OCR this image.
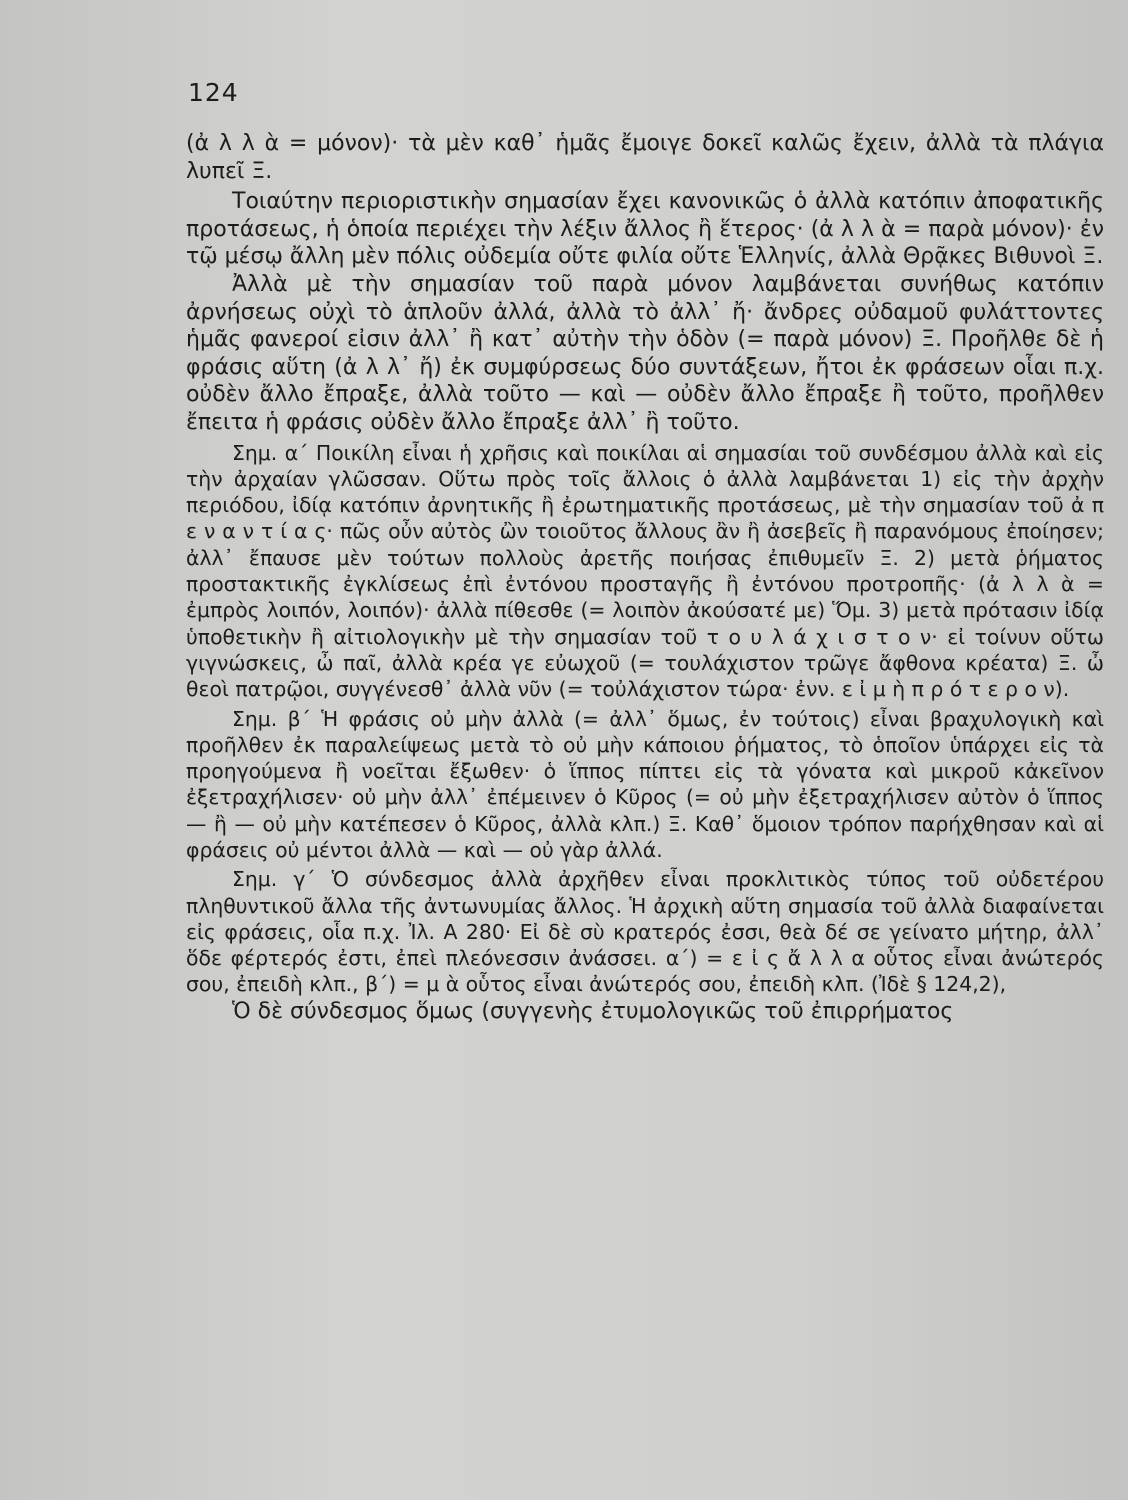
124

(ἀ λ λ ὰ = μόνον)· τὰ μὲν καθ᾽ ἡμᾶς ἔμοιγε δοκεῖ καλῶς ἔχειν, ἀλλὰ τὰ πλάγια λυπεῖ Ξ.

Τοιαύτην περιοριστικὴν σημασίαν ἔχει κανονικῶς ὁ ἀλλὰ κατόπιν ἀποφατικῆς προτάσεως, ἡ ὁποία περιέχει τὴν λέξιν ἄλλος ἢ ἕτερος· (ἀ λ λ ὰ = παρὰ μόνον)· ἐν τῷ μέσῳ ἄλλη μὲν πόλις οὐδεμία οὔτε φιλία οὔτε Ἑλληνίς, ἀλλὰ Θρᾷκες Βιθυνοὶ Ξ.

Ἀλλὰ μὲ τὴν σημασίαν τοῦ παρὰ μόνον λαμβάνεται συνήθως κατόπιν ἀρνήσεως οὐχὶ τὸ ἁπλοῦν ἀλλά, ἀλλὰ τὸ ἀλλ᾽ ἤ· ἄνδρες οὐδαμοῦ φυλάττοντες ἡμᾶς φανεροί εἰσιν ἀλλ᾽ ἢ κατ᾽ αὐτὴν τὴν ὁδὸν (= παρὰ μόνον) Ξ. Προῆλθε δὲ ἡ φράσις αὕτη (ἀ λ λ᾽ ἤ) ἐκ συμφύρσεως δύο συντάξεων, ἤτοι ἐκ φράσεων οἷαι π.χ. οὐδὲν ἄλλο ἔπραξε, ἀλλὰ τοῦτο — καὶ — οὐδὲν ἄλλο ἔπραξε ἢ τοῦτο, προῆλθεν ἔπειτα ἡ φράσις οὐδὲν ἄλλο ἔπραξε ἀλλ᾽ ἢ τοῦτο.

Σημ. α΄ Ποικίλη εἶναι ἡ χρῆσις καὶ ποικίλαι αἱ σημασίαι τοῦ συνδέσμου ἀλλὰ καὶ εἰς τὴν ἀρχαίαν γλῶσσαν. Οὕτω πρὸς τοῖς ἄλλοις ὁ ἀλλὰ λαμβάνεται 1) εἰς τὴν ἀρχὴν περιόδου, ἰδίᾳ κατόπιν ἀρνητικῆς ἢ ἐρωτηματικῆς προτάσεως, μὲ τὴν σημασίαν τοῦ ἀ π ε ν α ν τ ί α ς· πῶς οὖν αὐτὸς ὢν τοιοῦτος ἄλλους ἂν ἢ ἀσεβεῖς ἢ παρανόμους ἐποίησεν; ἀλλ᾽ ἔπαυσε μὲν τούτων πολλοὺς ἀρετῆς ποιήσας ἐπιθυμεῖν Ξ. 2) μετὰ ῥήματος προστακτικῆς ἐγκλίσεως ἐπὶ ἐντόνου προσταγῆς ἢ ἐντόνου προτροπῆς· (ἀ λ λ ὰ = ἐμπρὸς λοιπόν, λοιπόν)· ἀλλὰ πίθεσθε (= λοιπὸν ἀκούσατέ με) Ὅμ. 3) μετὰ πρότασιν ἰδίᾳ ὑποθετικὴν ἢ αἰτιολογικὴν μὲ τὴν σημασίαν τοῦ τ ο υ λ ά χ ι σ τ ο ν· εἰ τοίνυν οὕτω γιγνώσκεις, ὦ παῖ, ἀλλὰ κρέα γε εὐωχοῦ (= τουλάχιστον τρῶγε ἄφθονα κρέατα) Ξ. ὦ θεοὶ πατρῷοι, συγγένεσθ᾽ ἀλλὰ νῦν (= τοὐλάχιστον τώρα· ἐνν. ε ἰ μ ὴ π ρ ό τ ε ρ ο ν).

Σημ. β΄ Ἡ φράσις οὐ μὴν ἀλλὰ (= ἀλλ᾽ ὅμως, ἐν τούτοις) εἶναι βραχυλογικὴ καὶ προῆλθεν ἐκ παραλείψεως μετὰ τὸ οὐ μὴν κάποιου ῥήματος, τὸ ὁποῖον ὑπάρχει εἰς τὰ προηγούμενα ἢ νοεῖται ἔξωθεν· ὁ ἵππος πίπτει εἰς τὰ γόνατα καὶ μικροῦ κἀκεῖνον ἐξετραχήλισεν· οὐ μὴν ἀλλ᾽ ἐπέμεινεν ὁ Κῦρος (= οὐ μὴν ἐξετραχήλισεν αὐτὸν ὁ ἵππος — ἢ — οὐ μὴν κατέπεσεν ὁ Κῦρος, ἀλλὰ κλπ.) Ξ. Καθ᾽ ὅμοιον τρόπον παρήχθησαν καὶ αἱ φράσεις οὐ μέντοι ἀλλὰ — καὶ — οὐ γὰρ ἀλλά.

Σημ. γ΄ Ὁ σύνδεσμος ἀλλὰ ἀρχῆθεν εἶναι προκλιτικὸς τύπος τοῦ οὐδετέρου πληθυντικοῦ ἄλλα τῆς ἀντωνυμίας ἄλλος. Ἡ ἀρχικὴ αὕτη σημασία τοῦ ἀλλὰ διαφαίνεται εἰς φράσεις, οἷα π.χ. Ἰλ. Α 280· Εἰ δὲ σὺ κρατερός ἐσσι, θεὰ δέ σε γείνατο μήτηρ, ἀλλ᾽ ὅδε φέρτερός ἐστι, ἐπεὶ πλεόνεσσιν ἀνάσσει. α΄) = ε ἰ ς ἄ λ λ α οὗτος εἶναι ἀνώτερός σου, ἐπειδὴ κλπ., β΄) = μ ὰ οὗτος εἶναι ἀνώτερός σου, ἐπειδὴ κλπ. (Ἰδὲ § 124,2),

Ὁ δὲ σύνδεσμος ὅμως (συγγενὴς ἐτυμολογικῶς τοῦ ἐπιρρήματος
